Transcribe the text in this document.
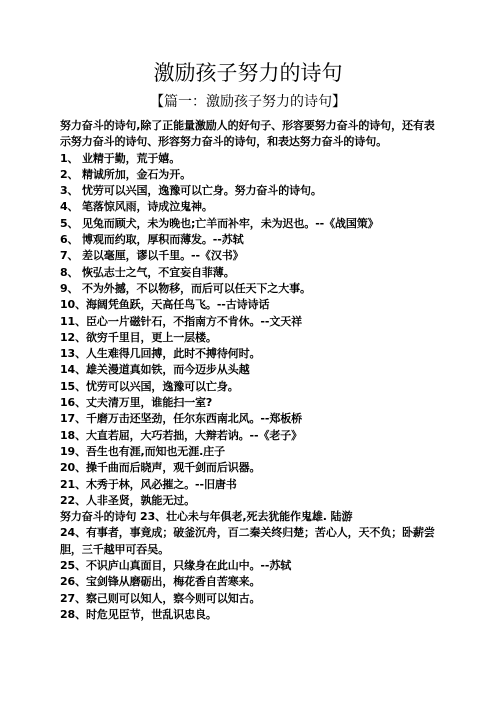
激励孩子努力的诗句
【篇一：激励孩子努力的诗句】

努力奋斗的诗句,除了正能量激励人的好句子、形容要努力奋斗的诗句，还有表示努力奋斗的诗句、形容努力奋斗的诗句，和表达努力奋斗的诗句。

1、 业精于勤，荒于嬉。
2、 精诚所加，金石为开。
3、 忧劳可以兴国，逸豫可以亡身。努力奋斗的诗句。
4、 笔落惊风雨，诗成泣鬼神。
5、 见兔而顾犬，未为晚也;亡羊而补牢，未为迟也。--《战国策》
6、 博观而约取，厚积而薄发。--苏轼
7、 差以毫厘，谬以千里。--《汉书》
8、 恢弘志士之气，不宜妄自菲薄。
9、 不为外撼，不以物移，而后可以任天下之大事。
10、海阔凭鱼跃，天高任鸟飞。--古诗诗话
11、臣心一片磁针石，不指南方不肯休。--文天祥
12、欲穷千里目，更上一层楼。
13、人生难得几回搏，此时不搏待何时。
14、雄关漫道真如铁，而今迈步从头越
15、忧劳可以兴国，逸豫可以亡身。
16、丈夫清万里，谁能扫一室?
17、千磨万击还坚劲，任尔东西南北风。--郑板桥
18、大直若屈，大巧若拙，大辩若讷。--《老子》
19、吾生也有涯,而知也无涯.庄子
20、操千曲而后晓声，观千剑而后识器。
21、木秀于林，风必摧之。--旧唐书
22、人非圣贤，孰能无过。
努力奋斗的诗句 23、壮心未与年俱老,死去犹能作鬼雄. 陆游
24、有事者，事竟成；破釜沉舟，百二秦关终归楚；苦心人，天不负；卧薪尝胆，三千越甲可吞吴。
25、不识庐山真面目，只缘身在此山中。--苏轼
26、宝剑锋从磨砺出，梅花香自苦寒来。
27、察己则可以知人，察今则可以知古。
28、时危见臣节，世乱识忠良。
